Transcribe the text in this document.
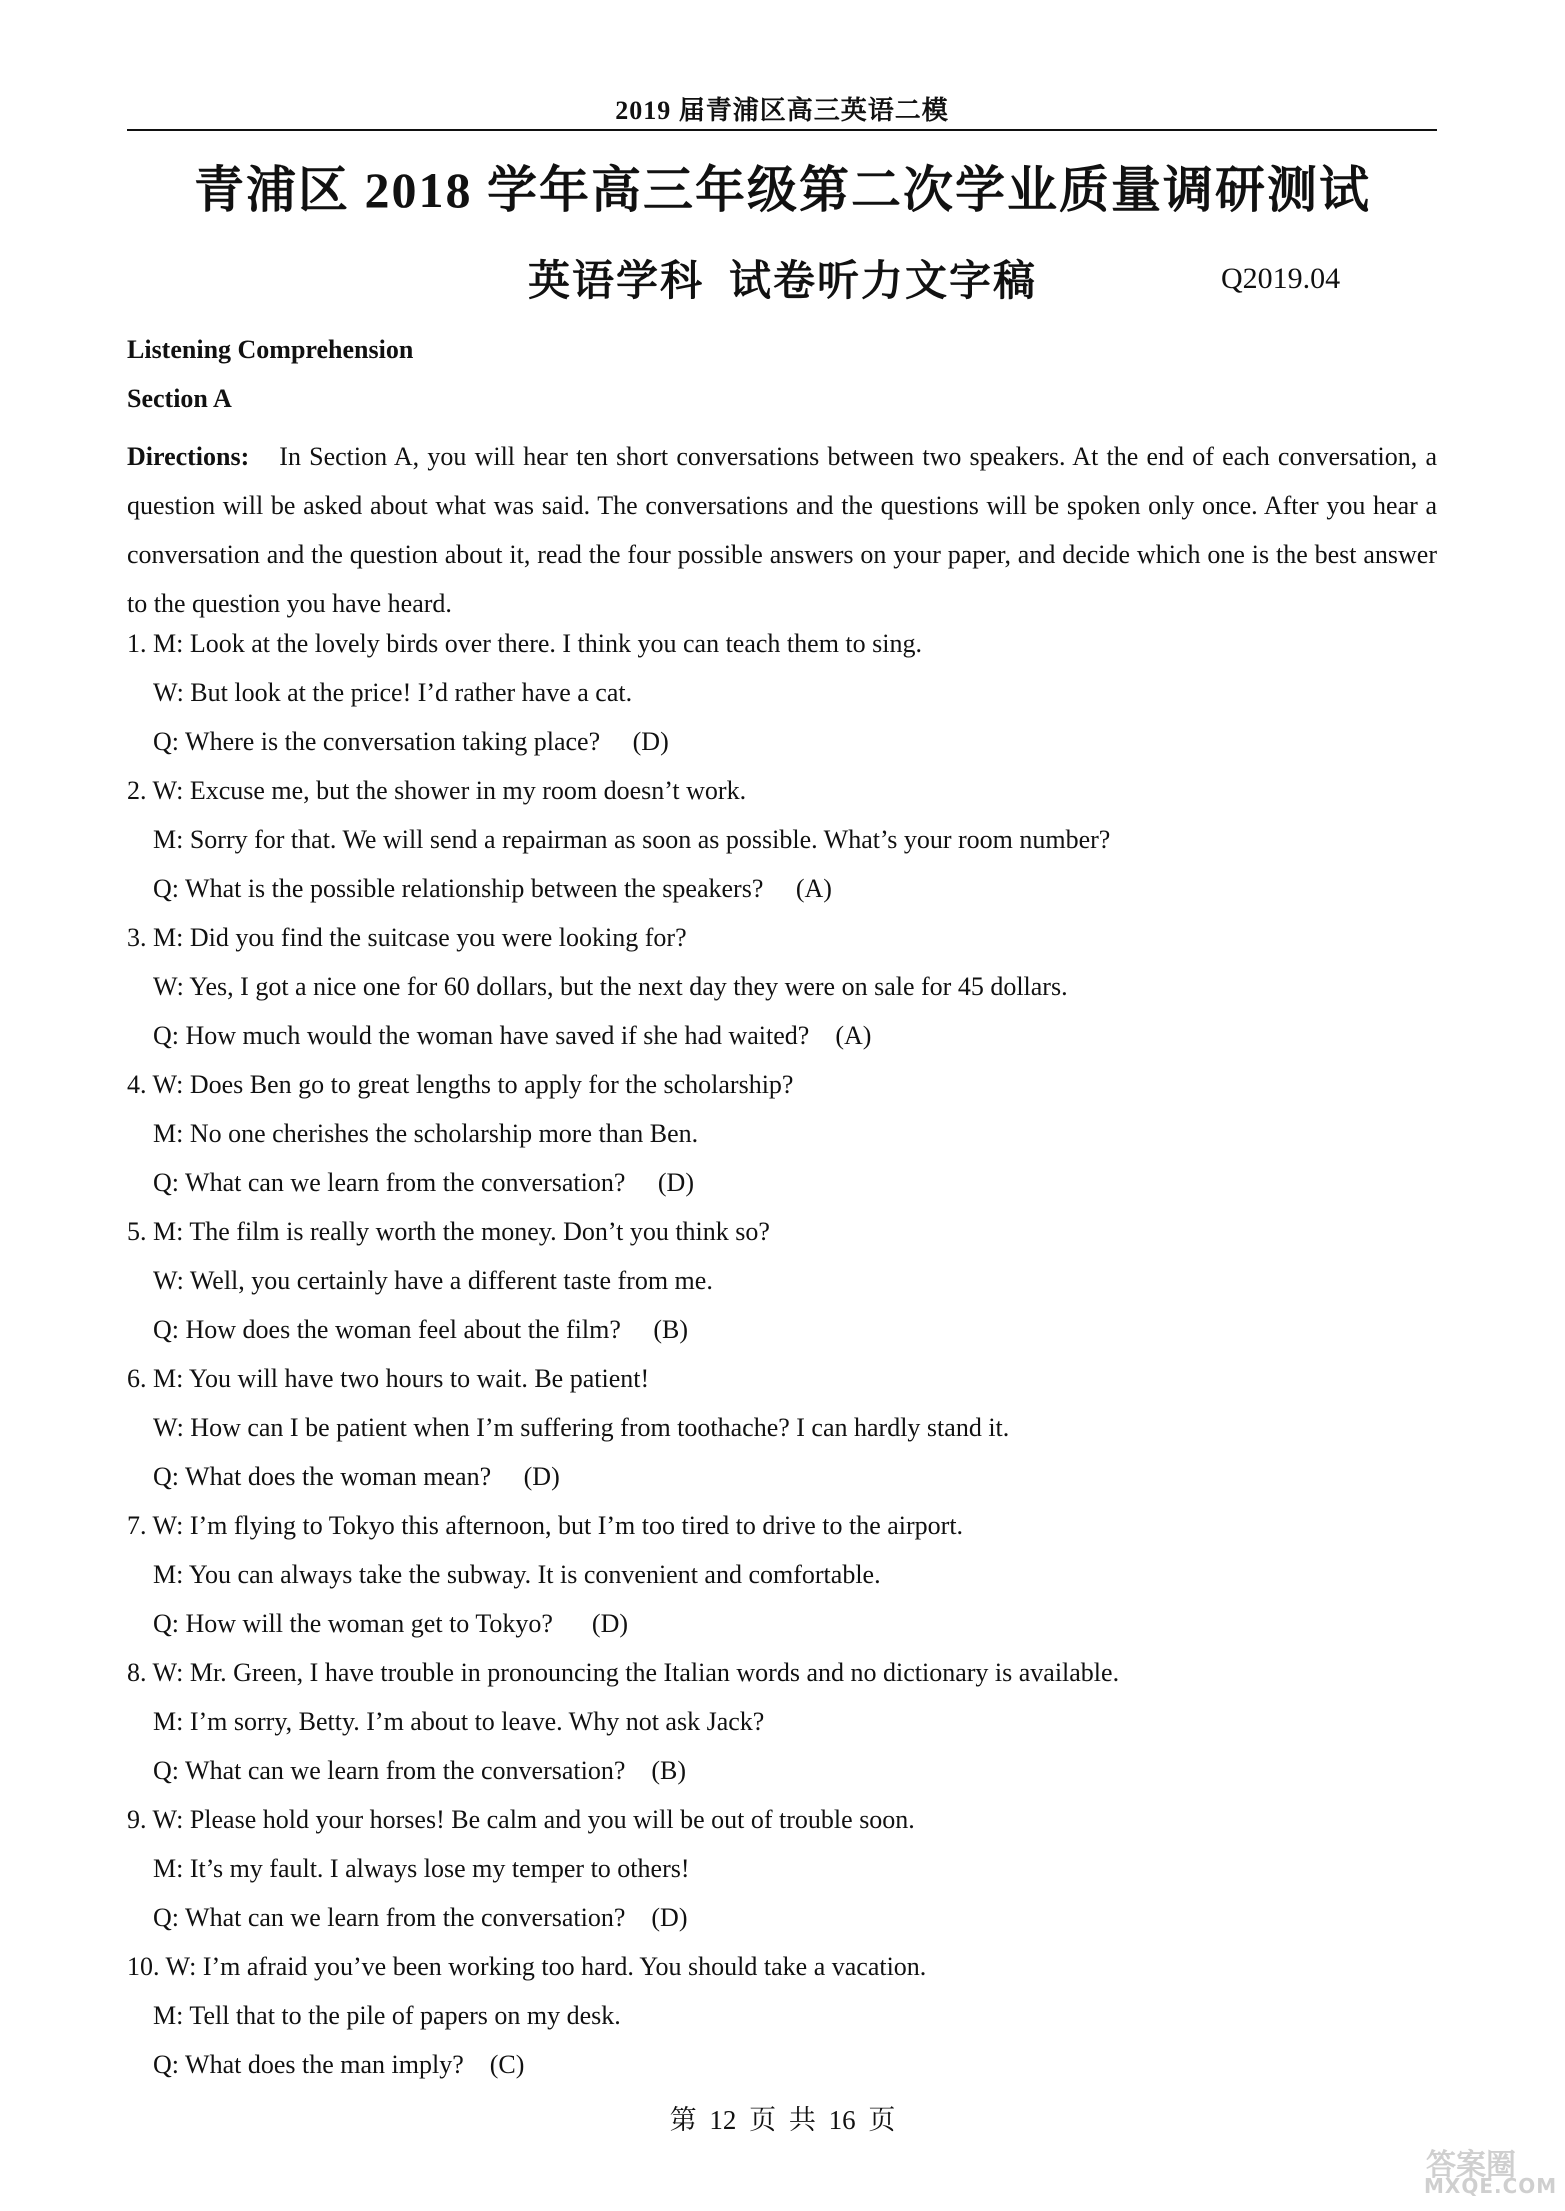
2019 届青浦区高三英语二模
青浦区 2018 学年高三年级第二次学业质量调研测试
英语学科  试卷听力文字稿	Q2019.04
Listening Comprehension
Section A
Directions: In Section A, you will hear ten short conversations between two speakers. At the end of each conversation, a question will be asked about what was said. The conversations and the questions will be spoken only once. After you hear a conversation and the question about it, read the four possible answers on your paper, and decide which one is the best answer to the question you have heard.
1. M: Look at the lovely birds over there. I think you can teach them to sing.
W: But look at the price! I’d rather have a cat.
Q: Where is the conversation taking place?     (D)
2. W: Excuse me, but the shower in my room doesn’t work.
M: Sorry for that. We will send a repairman as soon as possible. What’s your room number?
Q: What is the possible relationship between the speakers?     (A)
3. M: Did you find the suitcase you were looking for?
W: Yes, I got a nice one for 60 dollars, but the next day they were on sale for 45 dollars.
Q: How much would the woman have saved if she had waited?    (A)
4. W: Does Ben go to great lengths to apply for the scholarship?
M: No one cherishes the scholarship more than Ben.
Q: What can we learn from the conversation?     (D)
5. M: The film is really worth the money. Don’t you think so?
W: Well, you certainly have a different taste from me.
Q: How does the woman feel about the film?     (B)
6. M: You will have two hours to wait. Be patient!
W: How can I be patient when I’m suffering from toothache? I can hardly stand it.
Q: What does the woman mean?     (D)
7. W: I’m flying to Tokyo this afternoon, but I’m too tired to drive to the airport.
M: You can always take the subway. It is convenient and comfortable.
Q: How will the woman get to Tokyo?      (D)
8. W: Mr. Green, I have trouble in pronouncing the Italian words and no dictionary is available.
M: I’m sorry, Betty. I’m about to leave. Why not ask Jack?
Q: What can we learn from the conversation?    (B)
9. W: Please hold your horses! Be calm and you will be out of trouble soon.
M: It’s my fault. I always lose my temper to others!
Q: What can we learn from the conversation?    (D)
10. W: I’m afraid you’ve been working too hard. You should take a vacation.
M: Tell that to the pile of papers on my desk.
Q: What does the man imply?    (C)
第 12 页 共 16 页
答案圈
MXQE.COM
